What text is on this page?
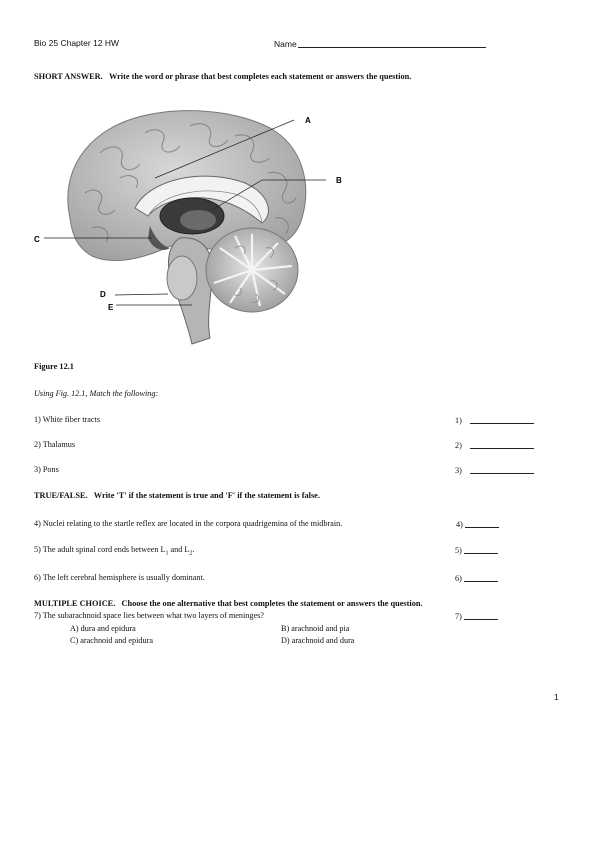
Bio 25 Chapter 12 HW	Name
SHORT ANSWER. Write the word or phrase that best completes each statement or answers the question.
A
B
C
D
E
Figure 12.1
Using Fig. 12.1, Match the following:
1) White fiber tracts	1)
2) Thalamus	2)
3) Pons	3)
TRUE/FALSE. Write 'T' if the statement is true and 'F' if the statement is false.
4) Nuclei relating to the startle reflex are located in the corpora quadrigemina of the midbrain.	4)
5) The adult spinal cord ends between $L_1$ and $L_2$.	5)
6) The left cerebral hemisphere is usually dominant.	6)
MULTIPLE CHOICE. Choose the one alternative that best completes the statement or answers the question.
7) The subarachnoid space lies between what two layers of meninges?	7)
A) dura and epidura	B) arachnoid and pia
C) arachnoid and epidura	D) arachnoid and dura
1
